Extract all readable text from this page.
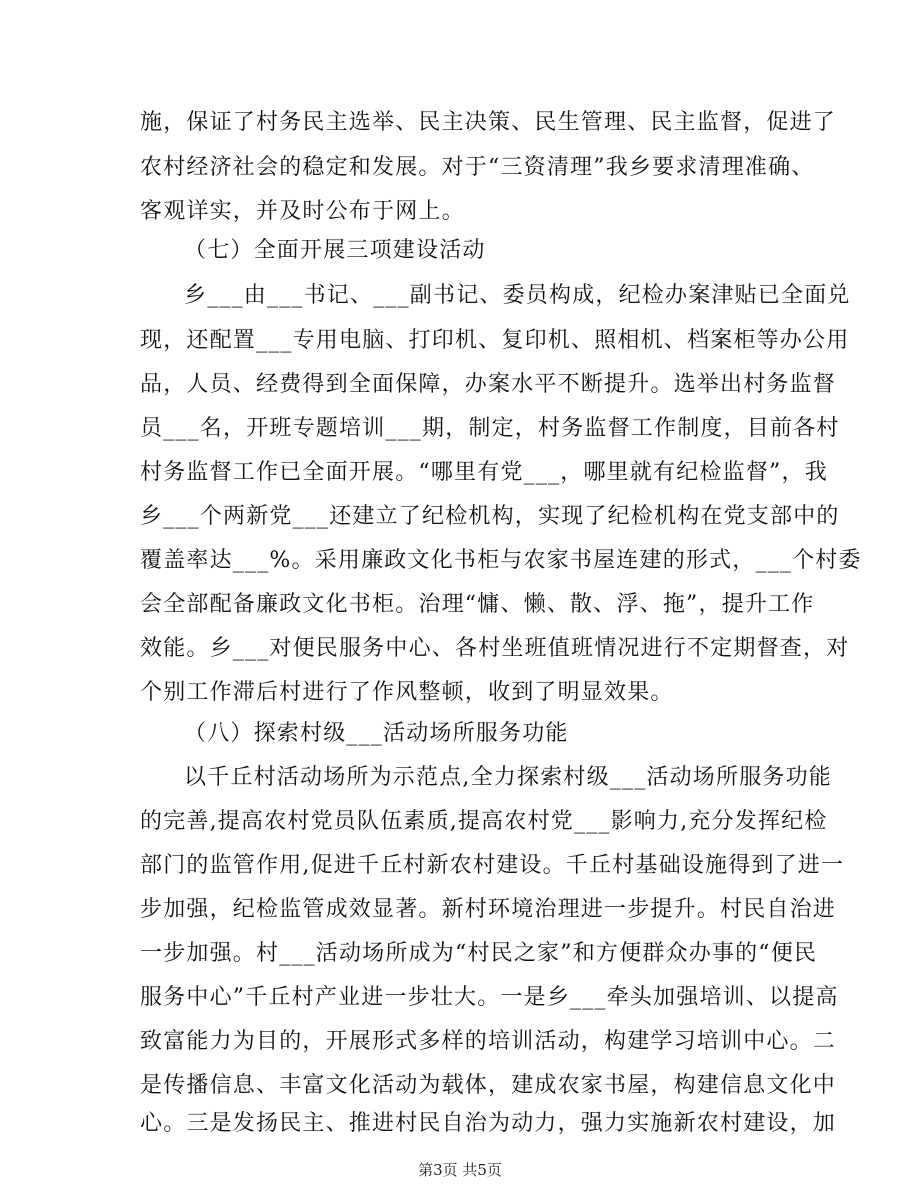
施，保证了村务民主选举、民主决策、民生管理、民主监督，促进了
农村经济社会的稳定和发展。对于“三资清理”我乡要求清理准确、
客观详实，并及时公布于网上。
（七）全面开展三项建设活动
乡___由___书记、___副书记、委员构成，纪检办案津贴已全面兑
现，还配置___专用电脑、打印机、复印机、照相机、档案柜等办公用
品，人员、经费得到全面保障，办案水平不断提升。选举出村务监督
员___名，开班专题培训___期，制定，村务监督工作制度，目前各村
村务监督工作已全面开展。“哪里有党___，哪里就有纪检监督”，我
乡___个两新党___还建立了纪检机构，实现了纪检机构在党支部中的
覆盖率达___%。采用廉政文化书柜与农家书屋连建的形式，___个村委
会全部配备廉政文化书柜。治理“慵、懒、散、浮、拖”，提升工作
效能。乡___对便民服务中心、各村坐班值班情况进行不定期督查，对
个别工作滞后村进行了作风整顿，收到了明显效果。
（八）探索村级___活动场所服务功能
以千丘村活动场所为示范点,全力探索村级___活动场所服务功能
的完善,提高农村党员队伍素质,提高农村党___影响力,充分发挥纪检
部门的监管作用,促进千丘村新农村建设。千丘村基础设施得到了进一
步加强，纪检监管成效显著。新村环境治理进一步提升。村民自治进
一步加强。村___活动场所成为“村民之家”和方便群众办事的“便民
服务中心”千丘村产业进一步壮大。一是乡___牵头加强培训、以提高
致富能力为目的，开展形式多样的培训活动，构建学习培训中心。二
是传播信息、丰富文化活动为载体，建成农家书屋，构建信息文化中
第3页 共5页
心。三是发扬民主、推进村民自治为动力，强力实施新农村建设，加
